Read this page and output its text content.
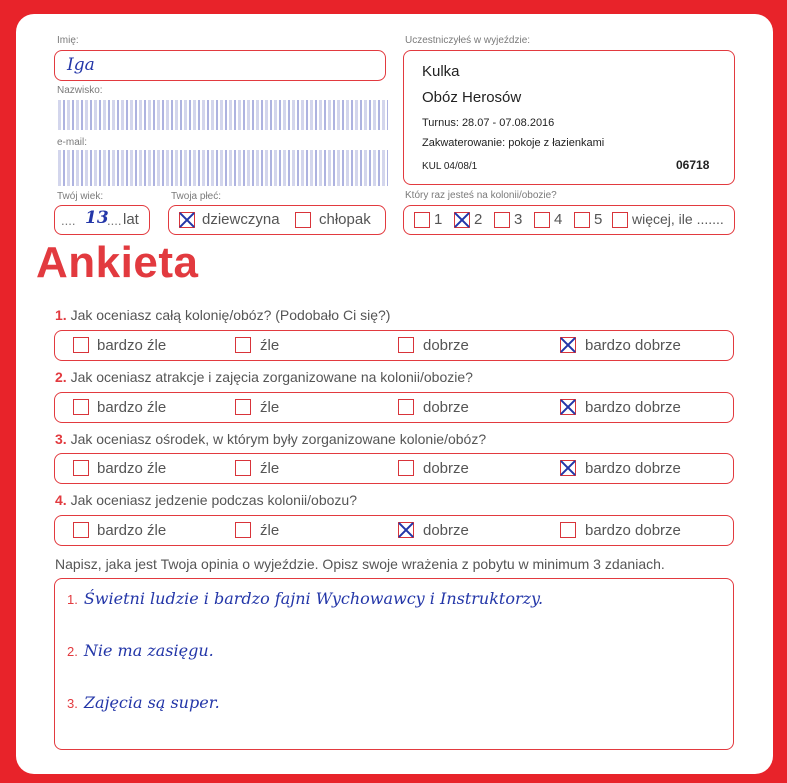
Imię:
Iga
Nazwisko:
e-mail:
Twój wiek:
.... 13
.... lat
Twoja płeć:
dziewczyna	chłopak
Uczestniczyłeś w wyjeździe:
Kulka
Obóz Herosów
Turnus: 28.07 - 07.08.2016
Zakwaterowanie: pokoje z łazienkami
KUL 04/08/1	06718
Który raz jesteś na kolonii/obozie?
1 2 3 4 5 więcej, ile .......
Ankieta
1. Jak oceniasz całą kolonię/obóz? (Podobało Ci się?)
bardzo źle	źle	dobrze	bardzo dobrze
2. Jak oceniasz atrakcje i zajęcia zorganizowane na kolonii/obozie?
bardzo źle	źle	dobrze	bardzo dobrze
3. Jak oceniasz ośrodek, w którym były zorganizowane kolonie/obóz?
bardzo źle	źle	dobrze	bardzo dobrze
4. Jak oceniasz jedzenie podczas kolonii/obozu?
bardzo źle	źle	dobrze	bardzo dobrze
Napisz, jaka jest Twoja opinia o wyjeździe. Opisz swoje wrażenia z pobytu w minimum 3 zdaniach.
1. Świetni ludzie i bardzo fajni Wychowawcy i Instruktorzy.
2. Nie ma zasięgu.
3. Zajęcia są super.
